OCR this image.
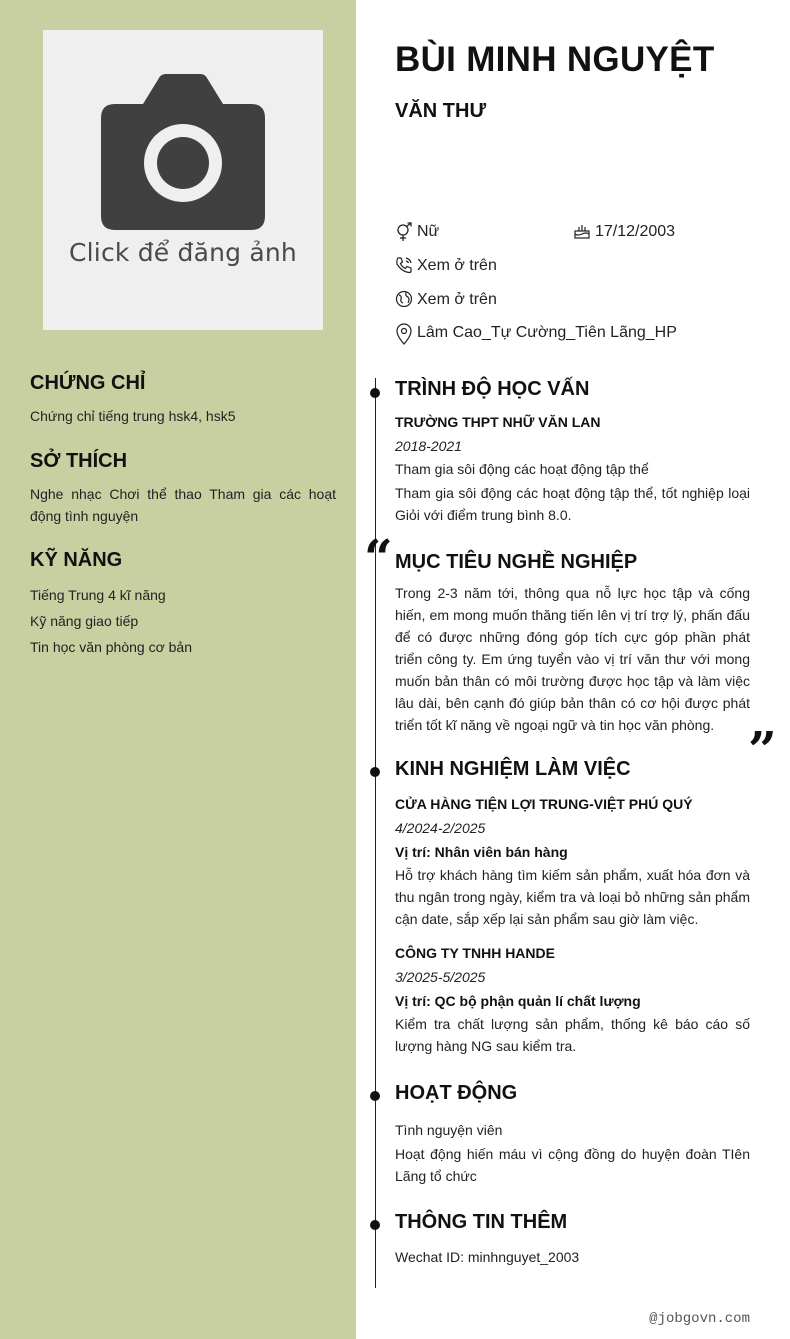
Click để đăng ảnh
CHỨNG CHỈ
Chứng chỉ tiếng trung hsk4, hsk5
SỞ THÍCH
Nghe nhạc Chơi thể thao Tham gia các hoạt động tình nguyện
KỸ NĂNG
Tiếng Trung 4 kĩ năng
Kỹ năng giao tiếp
Tin học văn phòng cơ bản
BÙI MINH NGUYỆT
VĂN THƯ
Nữ	17/12/2003
Xem ở trên
Xem ở trên
Lâm Cao_Tự Cường_Tiên Lãng_HP
TRÌNH ĐỘ HỌC VẤN
TRƯỜNG THPT NHỮ VĂN LAN
2018-2021
Tham gia sôi động các hoạt động tập thể
Tham gia sôi động các hoạt động tập thể, tốt nghiệp loại Giỏi với điểm trung bình 8.0.
“ MỤC TIÊU NGHỀ NGHIỆP
Trong 2-3 năm tới, thông qua nỗ lực học tập và cống hiến, em mong muốn thăng tiến lên vị trí trợ lý, phấn đấu để có được những đóng góp tích cực góp phần phát triển công ty. Em ứng tuyển vào vị trí văn thư với mong muốn bản thân có môi trường được học tập và làm việc lâu dài, bên cạnh đó giúp bản thân có cơ hội được phát triển tốt kĩ năng về ngoại ngữ và tin học văn phòng. ”
KINH NGHIỆM LÀM VIỆC
CỬA HÀNG TIỆN LỢI TRUNG-VIỆT PHÚ QUÝ
4/2024-2/2025
Vị trí: Nhân viên bán hàng
Hỗ trợ khách hàng tìm kiếm sản phẩm, xuất hóa đơn và thu ngân trong ngày, kiểm tra và loại bỏ những sản phẩm cận date, sắp xếp lại sản phẩm sau giờ làm việc.
CÔNG TY TNHH HANDE
3/2025-5/2025
Vị trí: QC bộ phận quản lí chất lượng
Kiểm tra chất lượng sản phẩm, thống kê báo cáo số lượng hàng NG sau kiểm tra.
HOẠT ĐỘNG
Tình nguyện viên
Hoạt động hiến máu vì cộng đồng do huyện đoàn TIên Lãng tổ chức
THÔNG TIN THÊM
Wechat ID: minhnguyet_2003
@jobgovn.com
